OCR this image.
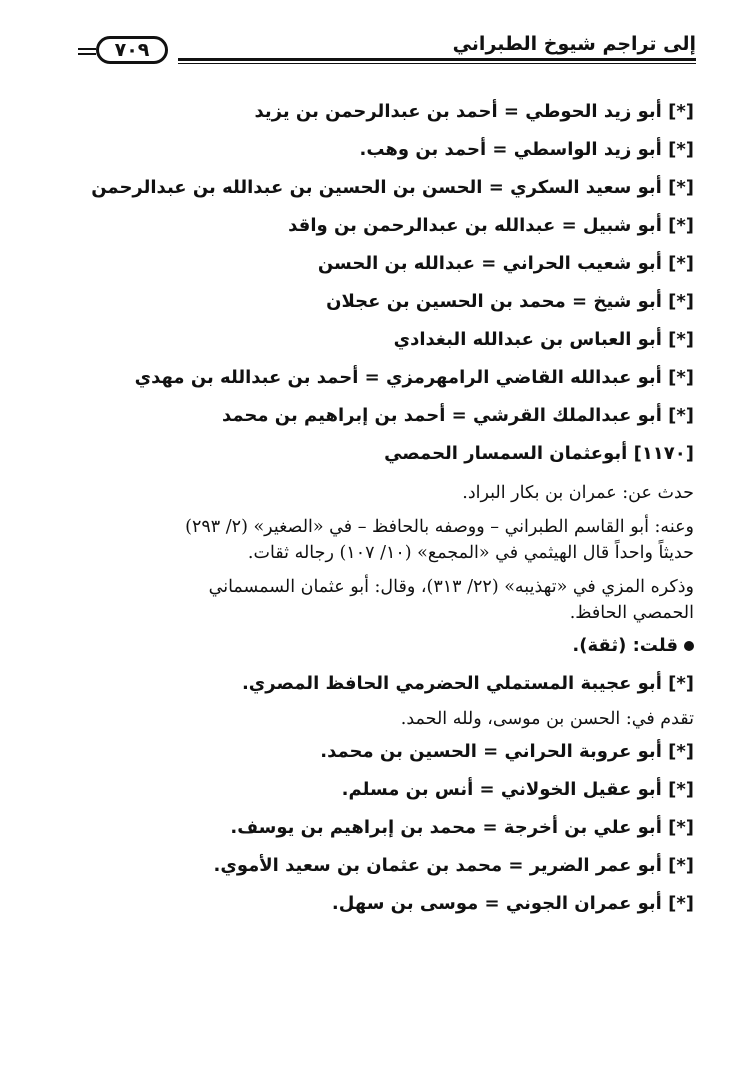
إلى تراجم شيوخ الطبراني
٧٠٩
[*] أبو زيد الحوطي = أحمد بن عبدالرحمن بن يزيد
[*] أبو زيد الواسطي = أحمد بن وهب.
[*] أبو سعيد السكري = الحسن بن الحسين بن عبدالله بن عبدالرحمن
[*] أبو شبيل = عبدالله بن عبدالرحمن بن واقد
[*] أبو شعيب الحراني = عبدالله بن الحسن
[*] أبو شيخ = محمد بن الحسين بن عجلان
[*] أبو العباس بن عبدالله البغدادي
[*] أبو عبدالله القاضي الرامهرمزي = أحمد بن عبدالله بن مهدي
[*] أبو عبدالملك القرشي = أحمد بن إبراهيم بن محمد
[١١٧٠] أبوعثمان السمسار الحمصي

حدث عن: عمران بن بكار البراد.

وعنه: أبو القاسم الطبراني – ووصفه بالحافظ – في «الصغير» (٢/ ٢٩٣)

حديثاً واحداً قال الهيثمي في «المجمع» (١٠/ ١٠٧) رجاله ثقات.

وذكره المزي في «تهذيبه» (٢٢/ ٣١٣)، وقال: أبو عثمان السمسماني

الحمصي الحافظ.

قلت: (ثقة).
[*] أبو عجيبة المستملي الحضرمي الحافظ المصري.

تقدم في: الحسن بن موسى، ولله الحمد.

[*] أبو عروبة الحراني = الحسين بن محمد.
[*] أبو عقيل الخولاني = أنس بن مسلم.
[*] أبو علي بن أخرجة = محمد بن إبراهيم بن يوسف.
[*] أبو عمر الضرير = محمد بن عثمان بن سعيد الأموي.
[*] أبو عمران الجوني = موسى بن سهل.
